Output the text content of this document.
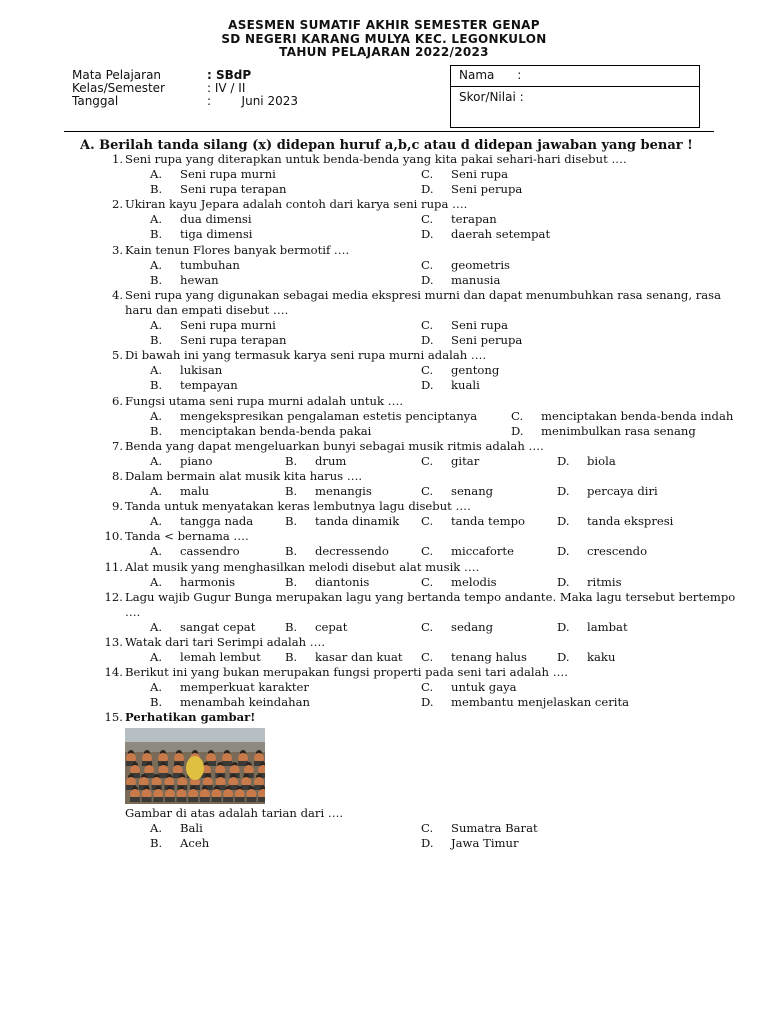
ASESMEN SUMATIF AKHIR SEMESTER GENAP
SD NEGERI KARANG MULYA KEC. LEGONKULON
TAHUN PELAJARAN 2022/2023
Mata Pelajaran	: SBdP
Kelas/Semester	: IV / II
Tanggal	:        Juni 2023
Nama      :
Skor/Nilai :
A. Berilah tanda silang (x) didepan huruf a,b,c atau d didepan jawaban yang benar !
1. Seni rupa yang diterapkan untuk benda-benda yang kita pakai sehari-hari disebut ….
A. Seni rupa murni	C. Seni rupa
B. Seni rupa terapan	D. Seni perupa
2. Ukiran kayu Jepara adalah contoh dari karya seni rupa ….
A. dua dimensi	C. terapan
B. tiga dimensi	D. daerah setempat
3. Kain tenun Flores banyak bermotif ….
A. tumbuhan	C. geometris
B. hewan	D. manusia
4. Seni rupa yang digunakan sebagai media ekspresi murni dan dapat menumbuhkan rasa senang, rasa haru dan empati disebut ….
A. Seni rupa murni	C. Seni rupa
B. Seni rupa terapan	D. Seni perupa
5. Di bawah ini yang termasuk karya seni rupa murni adalah ….
A. lukisan	C. gentong
B. tempayan	D. kuali
6. Fungsi utama seni rupa murni adalah untuk ….
A. mengekspresikan pengalaman estetis penciptanya	C. menciptakan benda-benda indah
B. menciptakan benda-benda pakai	D. menimbulkan rasa senang
7. Benda yang dapat mengeluarkan bunyi sebagai musik ritmis adalah ….
A. piano	B. drum	C. gitar	D. biola
8. Dalam bermain alat musik kita harus ….
A. malu	B. menangis	C. senang	D. percaya diri
9. Tanda untuk menyatakan keras lembutnya lagu disebut ….
A. tangga nada	B. tanda dinamik C. tanda tempo	D. tanda ekspresi
10. Tanda < bernama ….
A. cassendro	B. decressendo	C. miccaforte	D. crescendo
11. Alat musik yang menghasilkan melodi disebut alat musik ….
A. harmonis	B. diantonis	C. melodis	D. ritmis
12. Lagu wajib Gugur Bunga merupakan lagu yang bertanda tempo andante. Maka lagu tersebut bertempo ….
A. sangat cepat	B. cepat	C. sedang	D. lambat
13. Watak dari tari Serimpi adalah ….
A. lemah lembut B. kasar dan kuat C. tenang halus	D. kaku
14. Berikut ini yang bukan merupakan fungsi properti pada seni tari adalah ….
A. memperkuat karakter	C. untuk gaya
B. menambah keindahan	D. membantu menjelaskan cerita
15. Perhatikan gambar!
Gambar di atas adalah tarian dari ….
A. Bali	C. Sumatra Barat
B. Aceh	D. Jawa Timur
